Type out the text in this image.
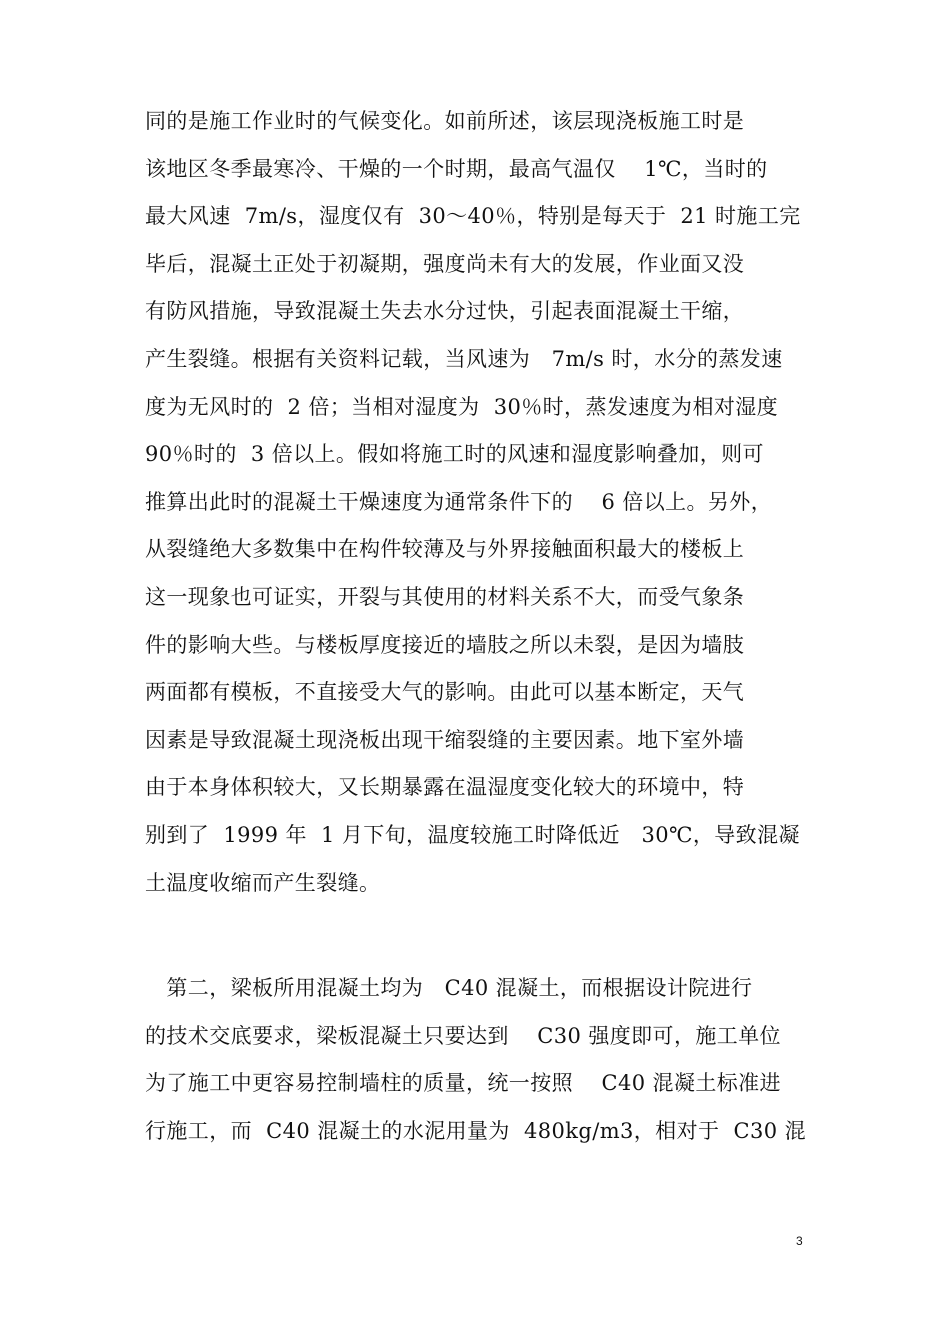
同的是施工作业时的气候变化。如前所述，该层现浇板施工时是
该地区冬季最寒冷、干燥的一个时期，最高气温仅　 1℃，当时的
最大风速  7m/s，湿度仅有  30～40％，特别是每天于  21 时施工完
毕后，混凝土正处于初凝期，强度尚未有大的发展，作业面又没
有防风措施，导致混凝土失去水分过快，引起表面混凝土干缩，
产生裂缝。根据有关资料记载，当风速为　7m/s 时，水分的蒸发速
度为无风时的  2 倍；当相对湿度为  30％时，蒸发速度为相对湿度
90％时的  3 倍以上。假如将施工时的风速和湿度影响叠加，则可
推算出此时的混凝土干燥速度为通常条件下的　 6 倍以上。另外，
从裂缝绝大多数集中在构件较薄及与外界接触面积最大的楼板上
这一现象也可证实，开裂与其使用的材料关系不大，而受气象条
件的影响大些。与楼板厚度接近的墙肢之所以未裂，是因为墙肢
两面都有模板，不直接受大气的影响。由此可以基本断定，天气
因素是导致混凝土现浇板出现干缩裂缝的主要因素。地下室外墙
由于本身体积较大，又长期暴露在温湿度变化较大的环境中，特
别到了  1999 年  1 月下旬，温度较施工时降低近　30℃，导致混凝
土温度收缩而产生裂缝。
　第二，梁板所用混凝土均为　C40 混凝土，而根据设计院进行
的技术交底要求，梁板混凝土只要达到　 C30 强度即可，施工单位
为了施工中更容易控制墙柱的质量，统一按照　 C40 混凝土标准进
行施工，而  C40 混凝土的水泥用量为  480kg/m3，相对于  C30 混
3
